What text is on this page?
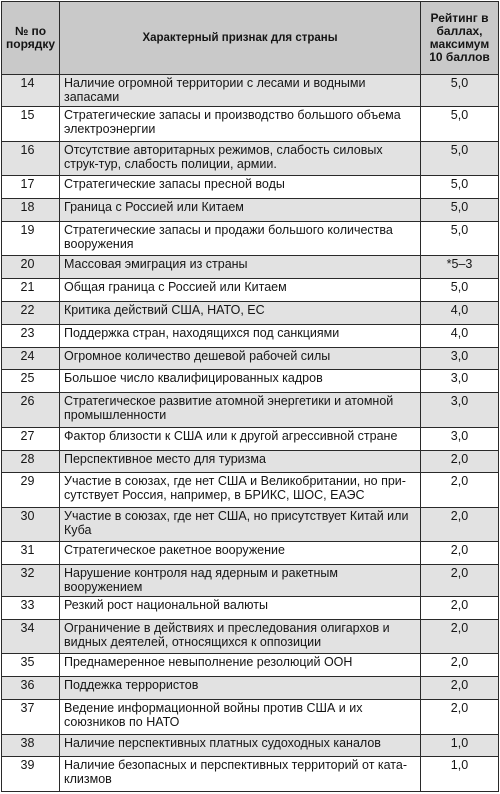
№ по порядку	Характерный признак для страны	Рейтинг в баллах, максимум 10 баллов
14	Наличие огромной территории с лесами и водными запасами	5,0
15	Стратегические запасы и производство большого объема электроэнергии	5,0
16	Отсутствие авторитарных режимов, слабость силовых струк-тур, слабость полиции, армии.	5,0
17	Стратегические запасы пресной воды	5,0
18	Граница с Россией или Китаем	5,0
19	Стратегические запасы и продажи большого количества вооружения	5,0
20	Массовая эмиграция из страны	*5–3
21	Общая граница с Россией или Китаем	5,0
22	Критика действий США, НАТО, ЕС	4,0
23	Поддержка стран, находящихся под санкциями	4,0
24	Огромное количество дешевой рабочей силы	3,0
25	Большое число квалифицированных кадров	3,0
26	Стратегическое развитие атомной энергетики и атомной промышленности	3,0
27	Фактор близости к США или к другой агрессивной стране	3,0
28	Перспективное место для туризма	2,0
29	Участие в союзах, где нет США и Великобритании, но при-сутствует Россия, например, в БРИКС, ШОС, ЕАЭС	2,0
30	Участие в союзах, где нет США, но присутствует Китай или Куба	2,0
31	Стратегическое ракетное вооружение	2,0
32	Нарушение контроля над ядерным и ракетным вооружением	2,0
33	Резкий рост национальной валюты	2,0
34	Ограничение в действиях и преследования олигархов и видных деятелей, относящихся к оппозиции	2,0
35	Преднамеренное невыполнение резолюций ООН	2,0
36	Поддежка террористов	2,0
37	Ведение информационной войны против США и их союзников по НАТО	2,0
38	Наличие перспективных платных судоходных каналов	1,0
39	Наличие безопасных и перспективных территорий от ката-клизмов	1,0
